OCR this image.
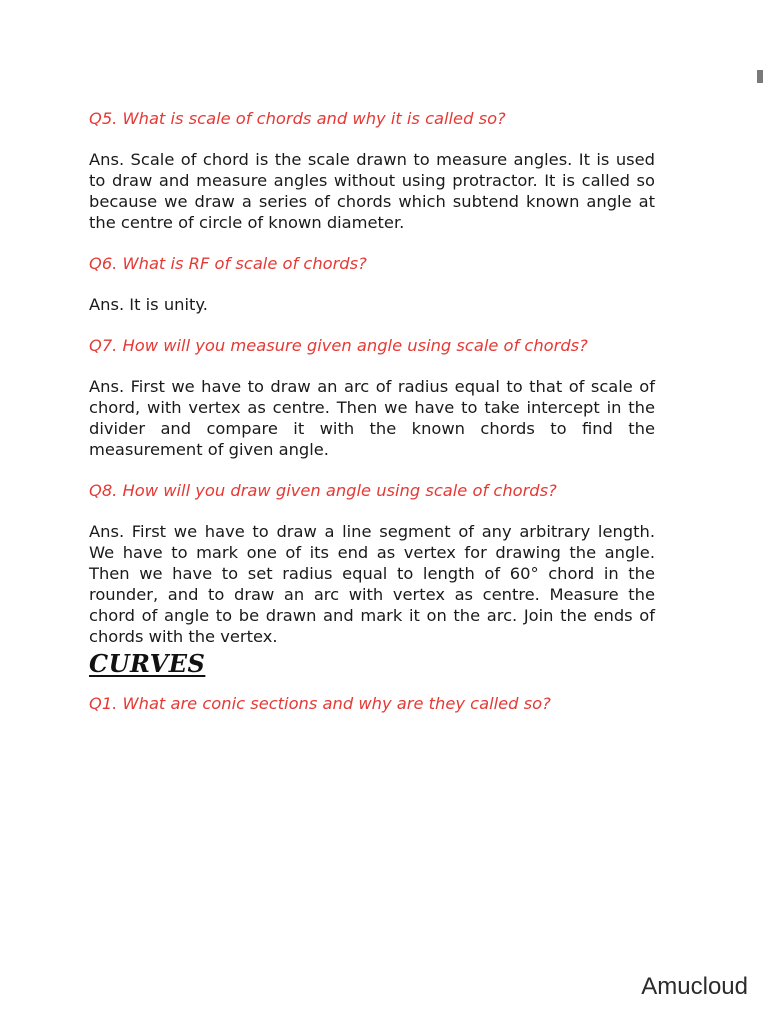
Q5. What is scale of chords and why it is called so?

Ans. Scale of chord is the scale drawn to measure angles. It is used to draw and measure angles without using protractor. It is called so because we draw a series of chords which subtend known angle at the centre of circle of known diameter.

Q6. What is RF of scale of chords?

Ans. It is unity.

Q7. How will you measure given angle using scale of chords?

Ans. First we have to draw an arc of radius equal to that of scale of chord, with vertex as centre. Then we have to take intercept in the divider and compare it with the known chords to find the measurement of given angle.

Q8. How will you draw given angle using scale of chords?

Ans. First we have to draw a line segment of any arbitrary length. We have to mark one of its end as vertex for drawing the angle. Then we have to set radius equal to length of 60° chord in the rounder, and to draw an arc with vertex as centre. Measure the chord of angle to be drawn and mark it on the arc. Join the ends of chords with the vertex.

CURVES

Q1. What are conic sections and why are they called so?

Amucloud
